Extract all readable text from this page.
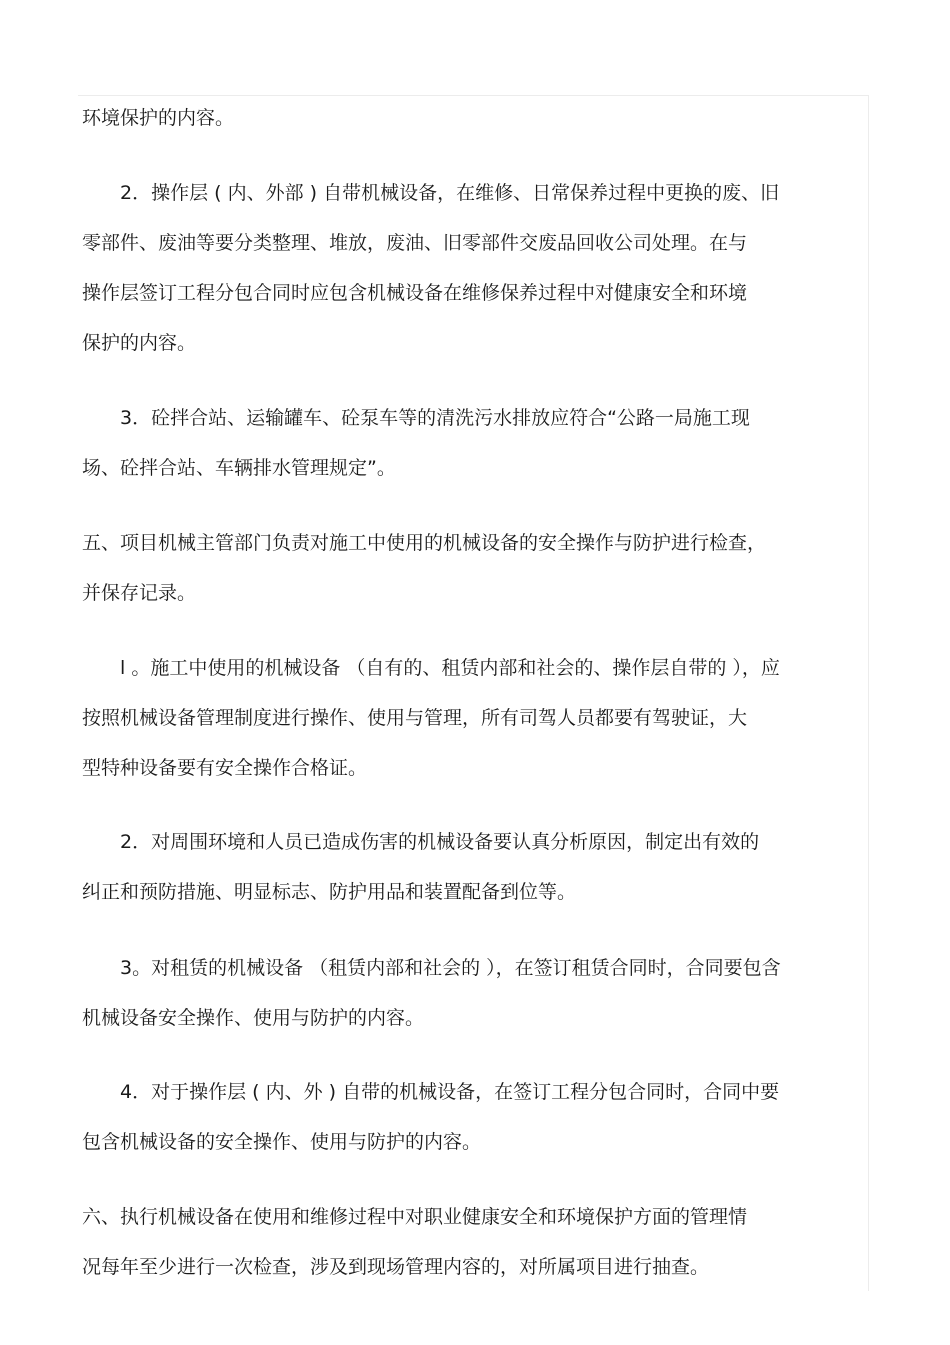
环境保护的内容。
2．操作层 ( 内、外部 ) 自带机械设备，在维修、日常保养过程中更换的废、旧
零部件、废油等要分类整理、堆放，废油、旧零部件交废品回收公司处理。在与
操作层签订工程分包合同时应包含机械设备在维修保养过程中对健康安全和环境
保护的内容。
3．砼拌合站、运输罐车、砼泵车等的清洗污水排放应符合“公路一局施工现
场、砼拌合站、车辆排水管理规定”。
五、项目机械主管部门负责对施工中使用的机械设备的安全操作与防护进行检查，
并保存记录。
l 。施工中使用的机械设备 （自有的、租赁内部和社会的、操作层自带的 ），应
按照机械设备管理制度进行操作、使用与管理，所有司驾人员都要有驾驶证，大
型特种设备要有安全操作合格证。
2．对周围环境和人员已造成伤害的机械设备要认真分析原因，制定出有效的
纠正和预防措施、明显标志、防护用品和装置配备到位等。
3。对租赁的机械设备 （租赁内部和社会的 ），在签订租赁合同时，合同要包含
机械设备安全操作、使用与防护的内容。
4．对于操作层 ( 内、外 ) 自带的机械设备，在签订工程分包合同时，合同中要
包含机械设备的安全操作、使用与防护的内容。
六、执行机械设备在使用和维修过程中对职业健康安全和环境保护方面的管理情
况每年至少进行一次检查，涉及到现场管理内容的，对所属项目进行抽查。
